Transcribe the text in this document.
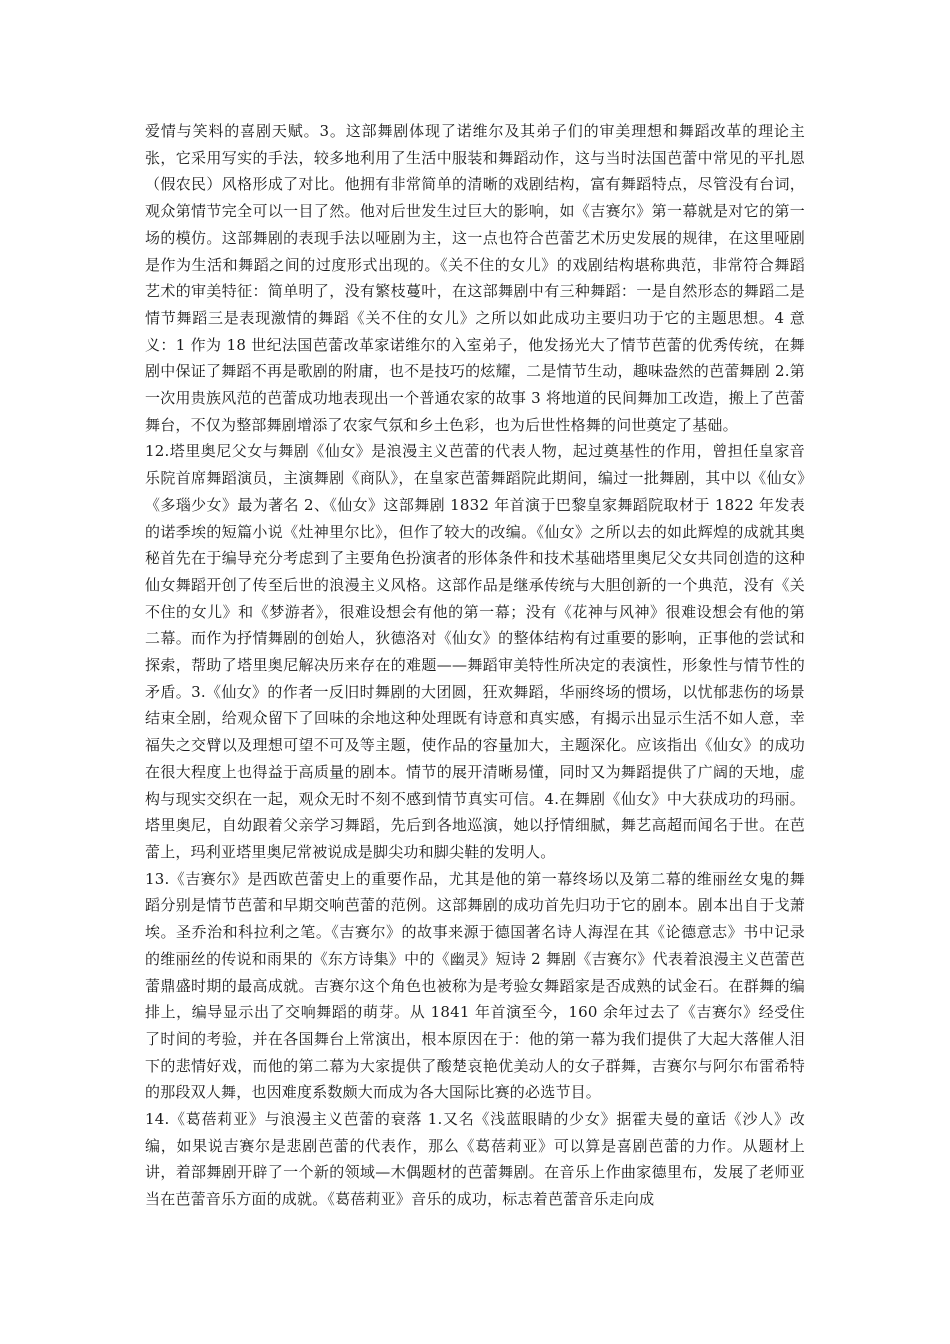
爱情与笑料的喜剧天赋。3。这部舞剧体现了诺维尔及其弟子们的审美理想和舞蹈改革的理论主张，它采用写实的手法，较多地利用了生活中服装和舞蹈动作，这与当时法国芭蕾中常见的平扎恩（假农民）风格形成了对比。他拥有非常简单的清晰的戏剧结构，富有舞蹈特点，尽管没有台词，观众第情节完全可以一目了然。他对后世发生过巨大的影响，如《吉赛尔》第一幕就是对它的第一场的模仿。这部舞剧的表现手法以哑剧为主，这一点也符合芭蕾艺术历史发展的规律，在这里哑剧是作为生活和舞蹈之间的过度形式出现的。《关不住的女儿》的戏剧结构堪称典范，非常符合舞蹈艺术的审美特征：简单明了，没有繁枝蔓叶，在这部舞剧中有三种舞蹈：一是自然形态的舞蹈二是情节舞蹈三是表现激情的舞蹈《关不住的女儿》之所以如此成功主要归功于它的主题思想。4 意义：1 作为 18 世纪法国芭蕾改革家诺维尔的入室弟子，他发扬光大了情节芭蕾的优秀传统，在舞剧中保证了舞蹈不再是歌剧的附庸，也不是技巧的炫耀，二是情节生动，趣味盎然的芭蕾舞剧 2.第一次用贵族风范的芭蕾成功地表现出一个普通农家的故事 3 将地道的民间舞加工改造，搬上了芭蕾舞台，不仅为整部舞剧增添了农家气氛和乡土色彩，也为后世性格舞的问世奠定了基础。

12.塔里奥尼父女与舞剧《仙女》是浪漫主义芭蕾的代表人物，起过奠基性的作用，曾担任皇家音乐院首席舞蹈演员，主演舞剧《商队》，在皇家芭蕾舞蹈院此期间，编过一批舞剧，其中以《仙女》《多瑙少女》最为著名 2、《仙女》这部舞剧 1832 年首演于巴黎皇家舞蹈院取材于 1822 年发表的诺季埃的短篇小说《灶神里尔比》，但作了较大的改编。《仙女》之所以去的如此辉煌的成就其奥秘首先在于编导充分考虑到了主要角色扮演者的形体条件和技术基础塔里奥尼父女共同创造的这种仙女舞蹈开创了传至后世的浪漫主义风格。这部作品是继承传统与大胆创新的一个典范，没有《关不住的女儿》和《梦游者》，很难设想会有他的第一幕；没有《花神与风神》很难设想会有他的第二幕。而作为抒情舞剧的创始人，狄德洛对《仙女》的整体结构有过重要的影响，正事他的尝试和探索，帮助了塔里奥尼解决历来存在的难题——舞蹈审美特性所决定的表演性，形象性与情节性的矛盾。3.《仙女》的作者一反旧时舞剧的大团圆，狂欢舞蹈，华丽终场的惯场，以忧郁悲伤的场景结束全剧，给观众留下了回味的余地这种处理既有诗意和真实感，有揭示出显示生活不如人意，幸福失之交臂以及理想可望不可及等主题，使作品的容量加大，主题深化。应该指出《仙女》的成功在很大程度上也得益于高质量的剧本。情节的展开清晰易懂，同时又为舞蹈提供了广阔的天地，虚构与现实交织在一起，观众无时不刻不感到情节真实可信。4.在舞剧《仙女》中大获成功的玛丽。塔里奥尼，自幼跟着父亲学习舞蹈，先后到各地巡演，她以抒情细腻，舞艺高超而闻名于世。在芭蕾上，玛利亚塔里奥尼常被说成是脚尖功和脚尖鞋的发明人。

13.《吉赛尔》是西欧芭蕾史上的重要作品，尤其是他的第一幕终场以及第二幕的维丽丝女鬼的舞蹈分别是情节芭蕾和早期交响芭蕾的范例。这部舞剧的成功首先归功于它的剧本。剧本出自于戈萧埃。圣乔治和科拉利之笔。《吉赛尔》的故事来源于德国著名诗人海涅在其《论德意志》书中记录的维丽丝的传说和雨果的《东方诗集》中的《幽灵》短诗 2 舞剧《吉赛尔》代表着浪漫主义芭蕾芭蕾鼎盛时期的最高成就。吉赛尔这个角色也被称为是考验女舞蹈家是否成熟的试金石。在群舞的编排上，编导显示出了交响舞蹈的萌芽。从 1841 年首演至今，160 余年过去了《吉赛尔》经受住了时间的考验，并在各国舞台上常演出，根本原因在于：他的第一幕为我们提供了大起大落催人泪下的悲情好戏，而他的第二幕为大家提供了酸楚哀艳优美动人的女子群舞，吉赛尔与阿尔布雷希特的那段双人舞，也因难度系数颇大而成为各大国际比赛的必选节目。

14.《葛蓓莉亚》与浪漫主义芭蕾的衰落 1.又名《浅蓝眼睛的少女》据霍夫曼的童话《沙人》改编，如果说吉赛尔是悲剧芭蕾的代表作，那么《葛蓓莉亚》可以算是喜剧芭蕾的力作。从题材上讲，着部舞剧开辟了一个新的领域—木偶题材的芭蕾舞剧。在音乐上作曲家德里布，发展了老师亚当在芭蕾音乐方面的成就。《葛蓓莉亚》音乐的成功，标志着芭蕾音乐走向成
